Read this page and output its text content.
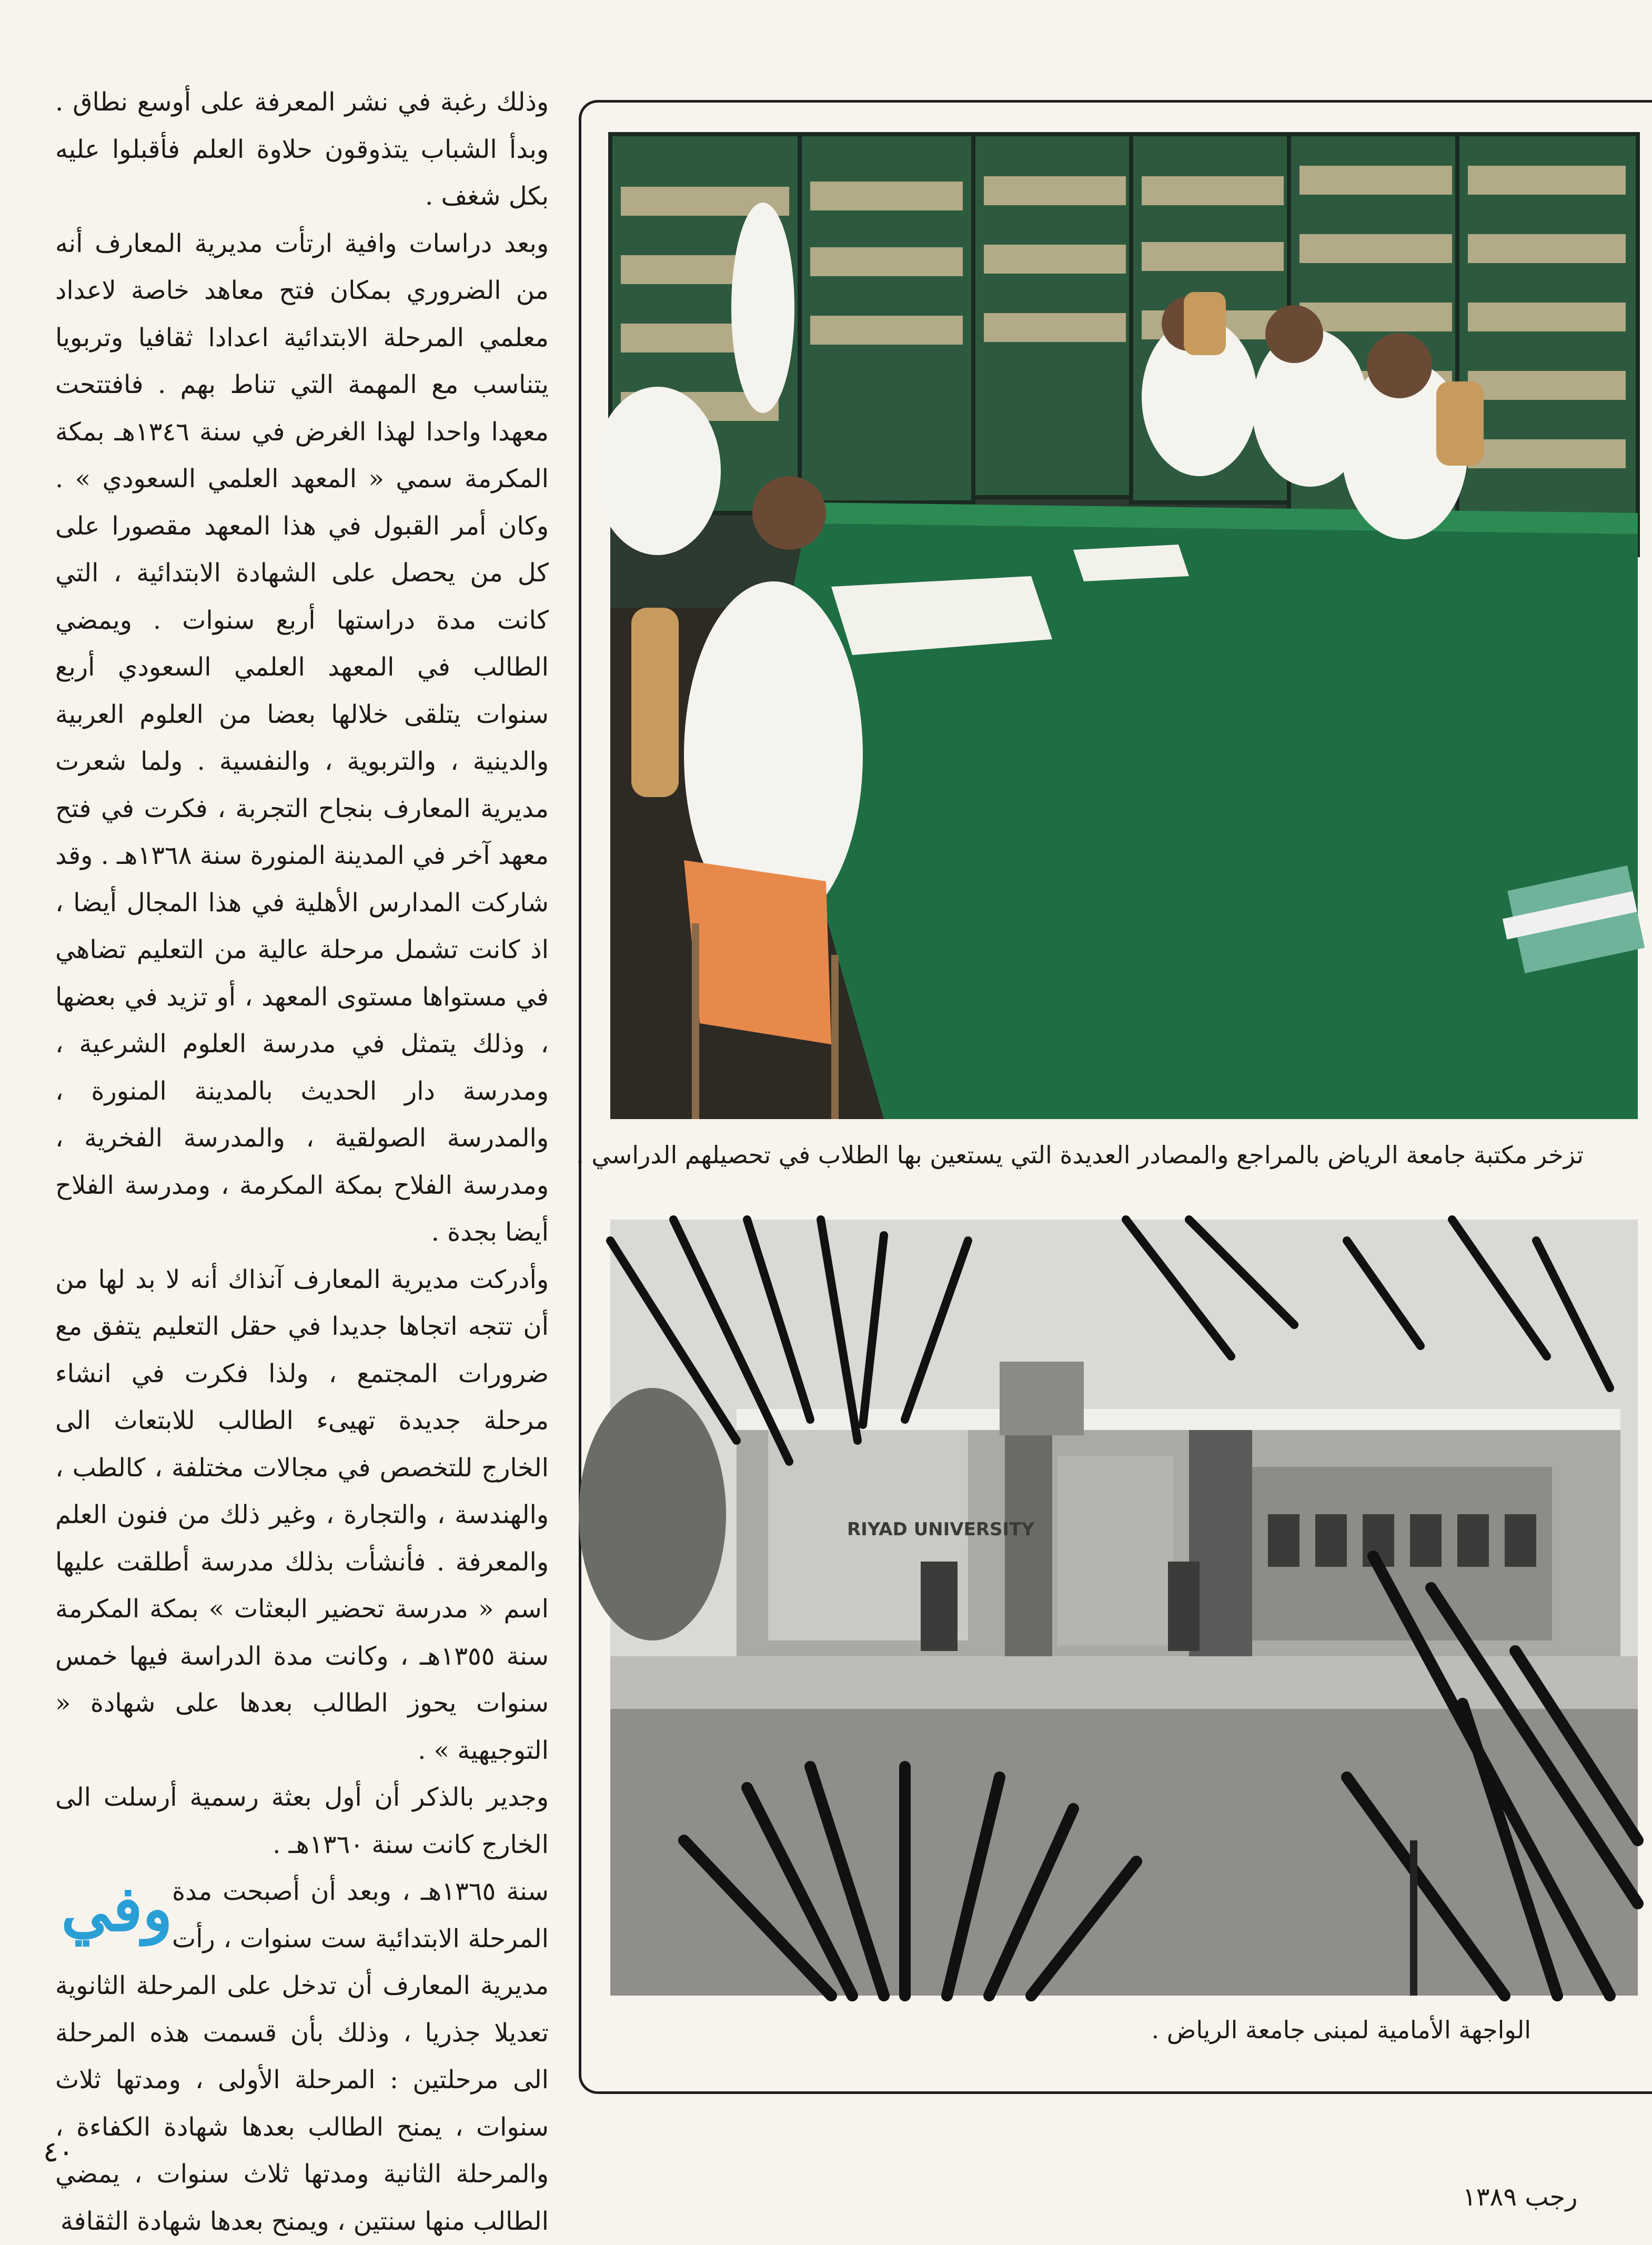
وذلك رغبة في نشر المعرفة على أوسع نطاق . وبدأ الشباب يتذوقون حلاوة العلم فأقبلوا عليه بكل شغف .

وبعد دراسات وافية ارتأت مديرية المعارف أنه من الضروري بمكان فتح معاهد خاصة لاعداد معلمي المرحلة الابتدائية اعدادا ثقافيا وتربويا يتناسب مع المهمة التي تناط بهم . فافتتحت معهدا واحدا لهذا الغرض في سنة ١٣٤٦هـ بمكة المكرمة سمي « المعهد العلمي السعودي » . وكان أمر القبول في هذا المعهد مقصورا على كل من يحصل على الشهادة الابتدائية ، التي كانت مدة دراستها أربع سنوات . ويمضي الطالب في المعهد العلمي السعودي أربع سنوات يتلقى خلالها بعضا من العلوم العربية والدينية ، والتربوية ، والنفسية . ولما شعرت مديرية المعارف بنجاح التجربة ، فكرت في فتح معهد آخر في المدينة المنورة سنة ١٣٦٨هـ . وقد شاركت المدارس الأهلية في هذا المجال أيضا ، اذ كانت تشمل مرحلة عالية من التعليم تضاهي في مستواها مستوى المعهد ، أو تزيد في بعضها ، وذلك يتمثل في مدرسة العلوم الشرعية ، ومدرسة دار الحديث بالمدينة المنورة ، والمدرسة الصولقية ، والمدرسة الفخرية ، ومدرسة الفلاح بمكة المكرمة ، ومدرسة الفلاح أيضا بجدة .

وأدركت مديرية المعارف آنذاك أنه لا بد لها من أن تتجه اتجاها جديدا في حقل التعليم يتفق مع ضرورات المجتمع ، ولذا فكرت في انشاء مرحلة جديدة تهيىء الطالب للابتعاث الى الخارج للتخصص في مجالات مختلفة ، كالطب ، والهندسة ، والتجارة ، وغير ذلك من فنون العلم والمعرفة . فأنشأت بذلك مدرسة أطلقت عليها اسم « مدرسة تحضير البعثات » بمكة المكرمة سنة ١٣٥٥هـ ، وكانت مدة الدراسة فيها خمس سنوات يحوز الطالب بعدها على شهادة « التوجيهية » .

وجدير بالذكر أن أول بعثة رسمية أرسلت الى الخارج كانت سنة ١٣٦٠هـ .

وفي سنة ١٣٦٥هـ ، وبعد أن أصبحت مدة المرحلة الابتدائية ست سنوات ، رأت مديرية المعارف أن تدخل على المرحلة الثانوية تعديلا جذريا ، وذلك بأن قسمت هذه المرحلة الى مرحلتين : المرحلة الأولى ، ومدتها ثلاث سنوات ، يمنح الطالب بعدها شهادة الكفاءة ، والمرحلة الثانية ومدتها ثلاث سنوات ، يمضي الطالب منها سنتين ، ويمنح بعدها شهادة الثقافة

تزخر مكتبة جامعة الرياض بالمراجع والمصادر العديدة التي يستعين بها الطلاب في تحصيلهم الدراسي .
RIYAD UNIVERSITY
الواجهة الأمامية لمبنى جامعة الرياض .
٤٠
رجب ١٣٨٩
